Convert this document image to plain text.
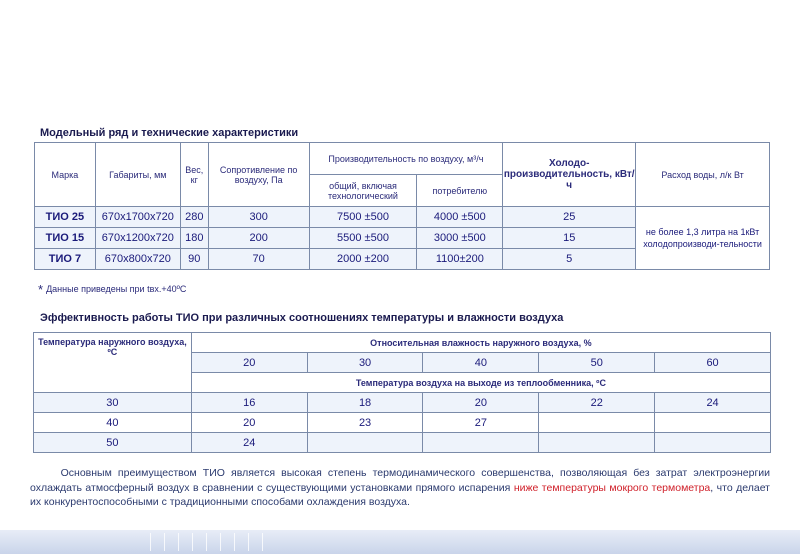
Модельный ряд и технические характеристики
Марка	Габариты, мм	Вес, кг	Сопротивление по воздуху, Па	Производительность по воздуху, м³/ч		Холодо-производительность, кВт/ч	Расход воды, л/к Вт
				общий, включая технологический	потребителю		
ТИО 25	670х1700х720	280	300	7500 ±500	4000 ±500	25	не более 1,3 литра на 1кВт холодопроизводи-тельности
ТИО 15	670х1200х720	180	200	5500 ±500	3000 ±500	15	
ТИО 7	670х800х720	90	70	2000 ±200	1100±200	5	
* Данные приведены при tвх.+40ºС
Эффективность работы ТИО при различных соотношениях температуры и влажности воздуха
Температура наружного воздуха, ºС	Относительная влажность наружного воздуха, %				
	20	30	40	50	60
	Температура воздуха на выходе из теплообменника, ºС				
30	16	18	20	22	24
40	20	23	27		
50	24				
Основным преимуществом ТИО является высокая степень термодинамического совершенства, позволяющая без затрат электроэнергии охлаждать атмосферный воздух в сравнении с существующими установками прямого испарения ниже температуры мокрого термометра, что делает их конкурентоспособными с традиционными способами охлаждения воздуха.
